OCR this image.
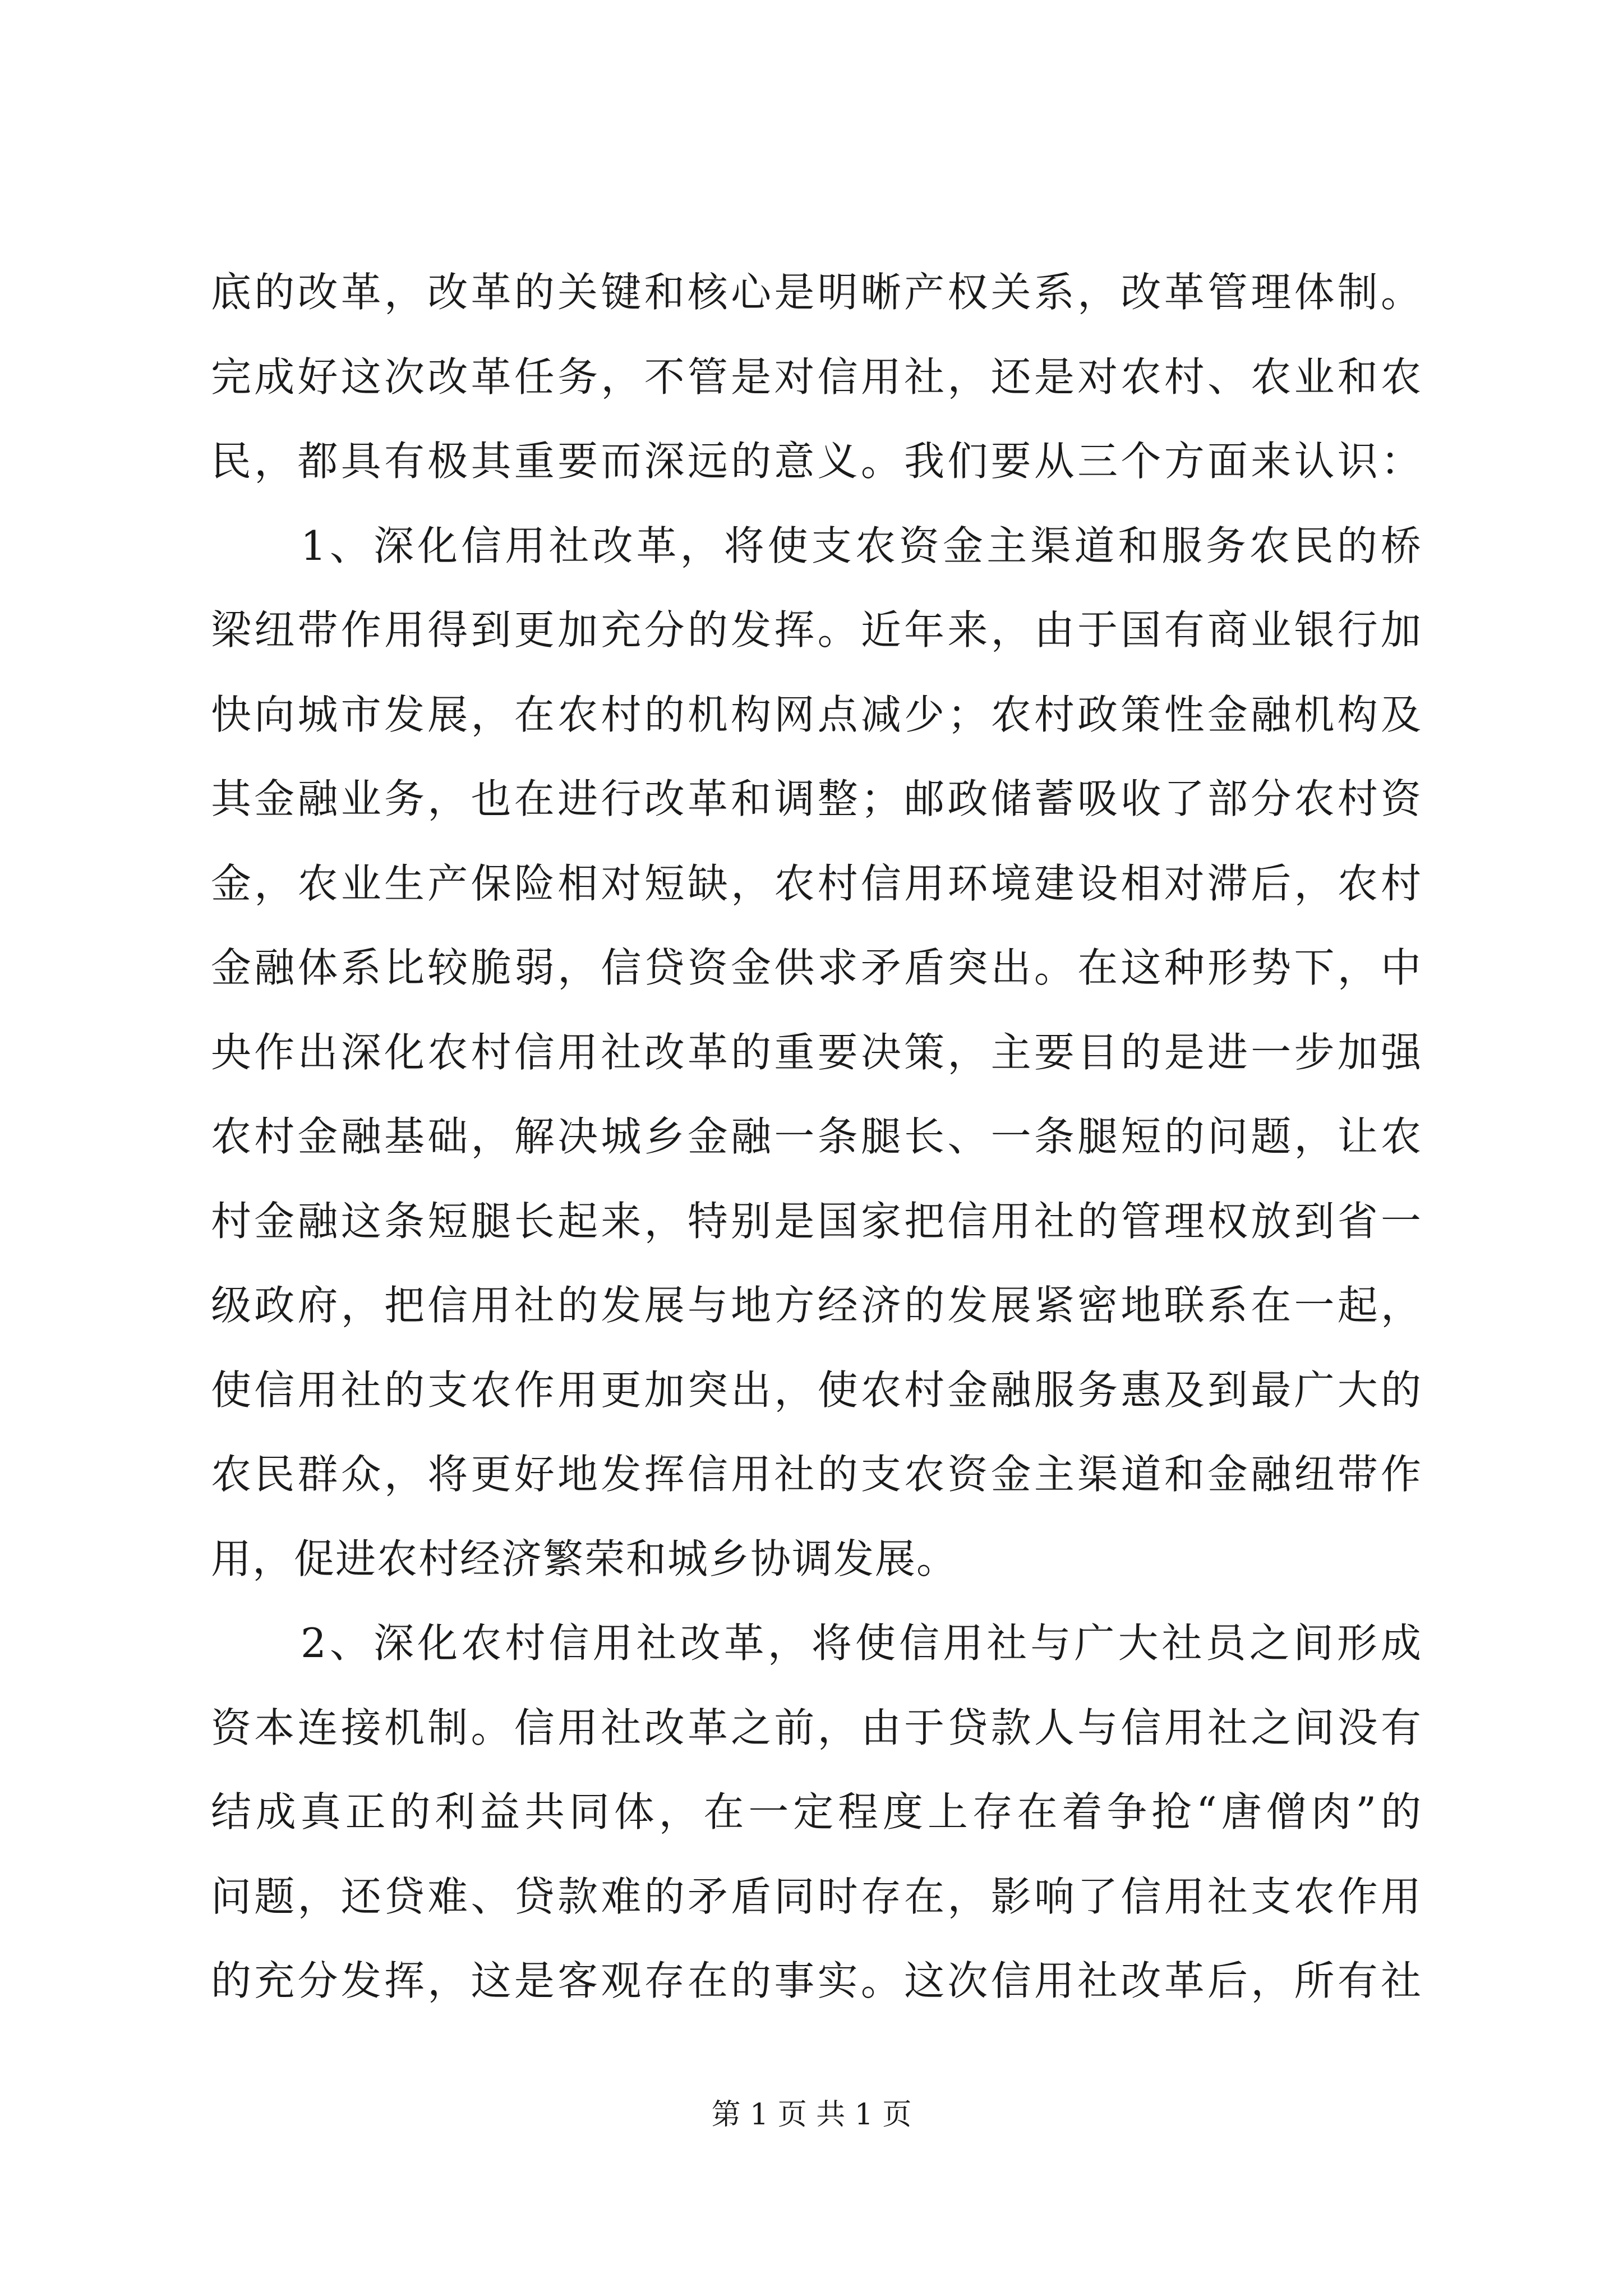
底的改革，改革的关键和核心是明晰产权关系，改革管理体制。
完成好这次改革任务，不管是对信用社，还是对农村、农业和农
民，都具有极其重要而深远的意义。我们要从三个方面来认识：
1、深化信用社改革，将使支农资金主渠道和服务农民的桥
梁纽带作用得到更加充分的发挥。近年来，由于国有商业银行加
快向城市发展，在农村的机构网点减少；农村政策性金融机构及
其金融业务，也在进行改革和调整；邮政储蓄吸收了部分农村资
金，农业生产保险相对短缺，农村信用环境建设相对滞后，农村
金融体系比较脆弱，信贷资金供求矛盾突出。在这种形势下，中
央作出深化农村信用社改革的重要决策，主要目的是进一步加强
农村金融基础，解决城乡金融一条腿长、一条腿短的问题，让农
村金融这条短腿长起来，特别是国家把信用社的管理权放到省一
级政府，把信用社的发展与地方经济的发展紧密地联系在一起，
使信用社的支农作用更加突出，使农村金融服务惠及到最广大的
农民群众，将更好地发挥信用社的支农资金主渠道和金融纽带作
用，促进农村经济繁荣和城乡协调发展。
2、深化农村信用社改革，将使信用社与广大社员之间形成
资本连接机制。信用社改革之前，由于贷款人与信用社之间没有
结成真正的利益共同体，在一定程度上存在着争抢“唐僧肉”的
问题，还贷难、贷款难的矛盾同时存在，影响了信用社支农作用
的充分发挥，这是客观存在的事实。这次信用社改革后，所有社
第 1 页 共 1 页
